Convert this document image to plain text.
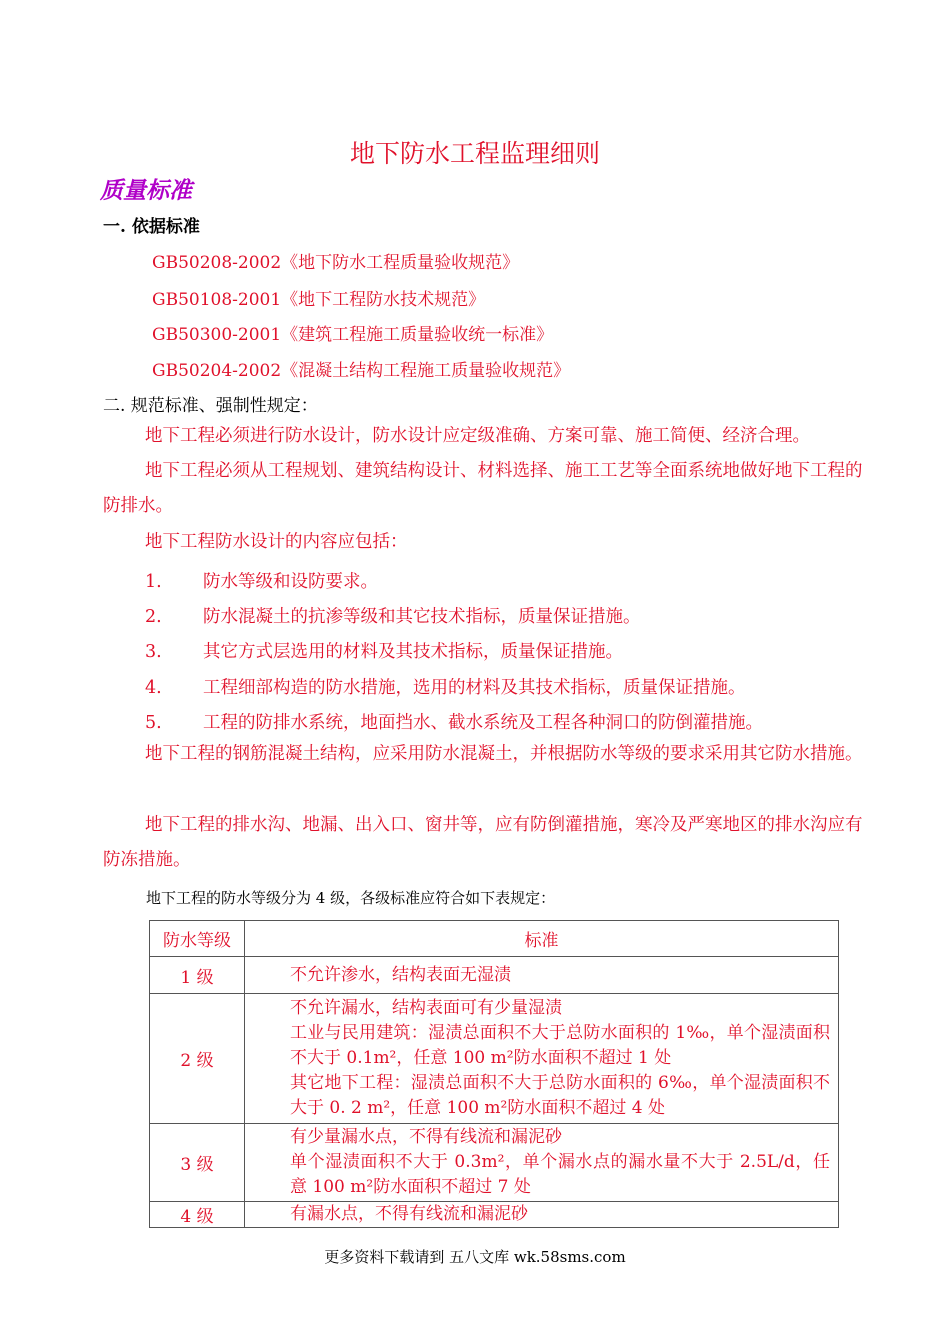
地下防水工程监理细则
质量标准
一. 依据标准
GB50208-2002《地下防水工程质量验收规范》
GB50108-2001《地下工程防水技术规范》
GB50300-2001《建筑工程施工质量验收统一标准》
GB50204-2002《混凝土结构工程施工质量验收规范》
二. 规范标准、强制性规定：
地下工程必须进行防水设计，防水设计应定级准确、方案可靠、施工简便、经济合理。
地下工程必须从工程规划、建筑结构设计、材料选择、施工工艺等全面系统地做好地下工程的防排水。
地下工程防水设计的内容应包括：
1. 防水等级和设防要求。
2. 防水混凝土的抗渗等级和其它技术指标，质量保证措施。
3. 其它方式层选用的材料及其技术指标，质量保证措施。
4. 工程细部构造的防水措施，选用的材料及其技术指标，质量保证措施。
5. 工程的防排水系统，地面挡水、截水系统及工程各种洞口的防倒灌措施。
地下工程的钢筋混凝土结构，应采用防水混凝土，并根据防水等级的要求采用其它防水措施。
地下工程的排水沟、地漏、出入口、窗井等，应有防倒灌措施，寒冷及严寒地区的排水沟应有防冻措施。
地下工程的防水等级分为 4 级，各级标准应符合如下表规定：
防水等级	标准
1 级	不允许渗水，结构表面无湿渍

2 级	不允许漏水，结构表面可有少量湿渍
工业与民用建筑：湿渍总面积不大于总防水面积的 1‰，单个湿渍面积不大于 0.1m²，任意 100 m²防水面积不超过 1 处
其它地下工程：湿渍总面积不大于总防水面积的 6‰，单个湿渍面积不大于 0. 2 m²，任意 100 m²防水面积不超过 4 处

3 级	有少量漏水点，不得有线流和漏泥砂
单个湿渍面积不大于 0.3m²，单个漏水点的漏水量不大于 2.5L/d，任意 100 m²防水面积不超过 7 处

4 级	有漏水点，不得有线流和漏泥砂
更多资料下载请到 五八文库 wk.58sms.com
